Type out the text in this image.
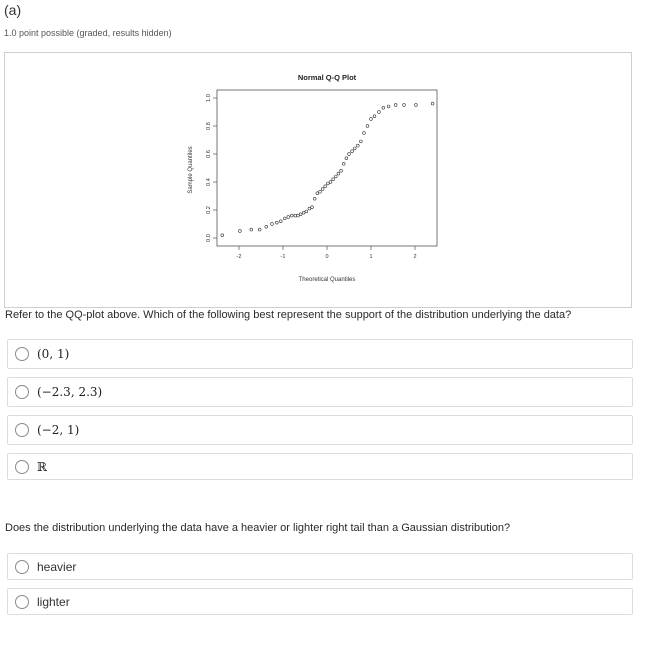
(a)
1.0 point possible (graded, results hidden)
Normal Q-Q Plot
Theoretical Quantiles
Sample Quantiles
-2	-1	0	1	2
0.0
0.2
0.4
0.6
0.8
1.0
Refer to the QQ-plot above. Which of the following best represent the support of the distribution underlying the data?
(0, 1)
(−2.3, 2.3)
(−2, 1)
ℝ
Does the distribution underlying the data have a heavier or lighter right tail than a Gaussian distribution?
heavier
lighter
